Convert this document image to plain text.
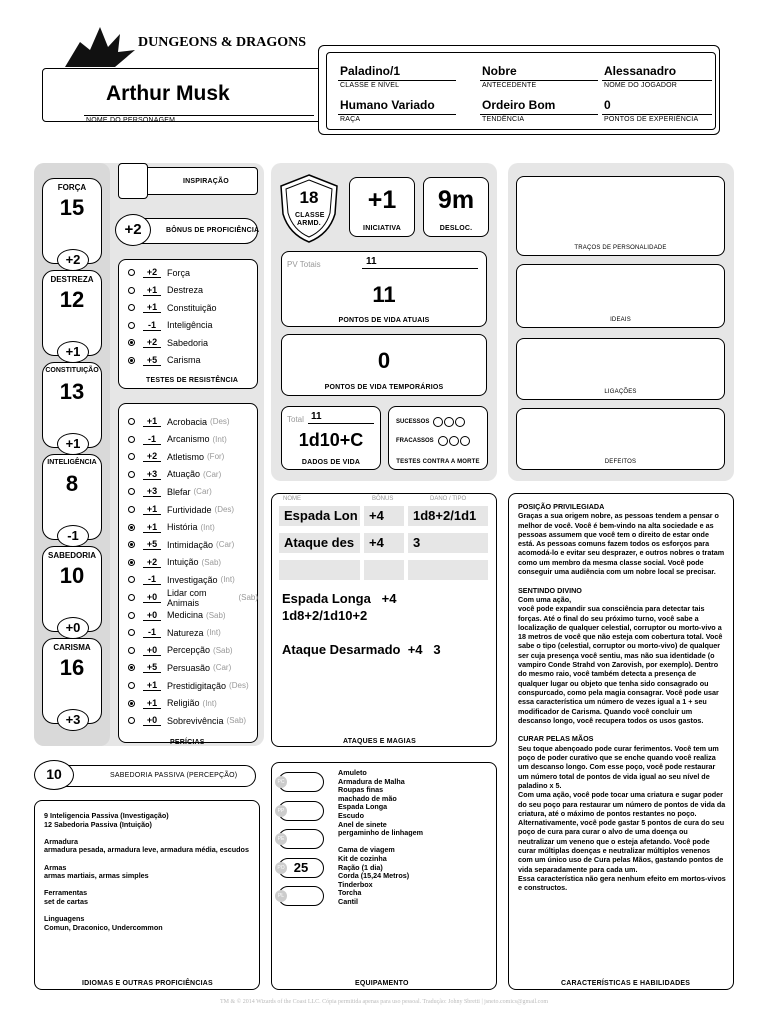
DUNGEONS & DRAGONS
Arthur Musk
NOME DO PERSONAGEM
Paladino/1
CLASSE E NÍVEL
Nobre
ANTECEDENTE
Alessanadro
NOME DO JOGADOR
Humano Variado
RAÇA
Ordeiro Bom
TENDÊNCIA
0
PONTOS DE EXPERIÊNCIA
FORÇA
15
+2
DESTREZA
12
+1
CONSTITUIÇÃO
13
+1
INTELIGÊNCIA
8
-1
SABEDORIA
10
+0
CARISMA
16
+3
INSPIRAÇÃO
+2	BÔNUS DE PROFICIÊNCIA
+2	Força
+1	Destreza
+1	Constituição
-1	Inteligência
+2	Sabedoria
+5	Carisma
TESTES DE RESISTÊNCIA
+1	Acrobacia (Des)
-1	Arcanismo (Int)
+2	Atletismo (For)
+3	Atuação (Car)
+3	Blefar (Car)
+1	Furtividade (Des)
+1	História (Int)
+5	Intimidação (Car)
+2	Intuição (Sab)
-1	Investigação (Int)
+0	Lidar com Animais	(Sab)
+0	Medicina (Sab)
-1	Natureza (Int)
+0	Percepção (Sab)
+5	Persuasão (Car)
+1	Prestidigitação (Des)
+1	Religião (Int)
+0	Sobrevivência (Sab)
PERÍCIAS
10	SABEDORIA PASSIVA (PERCEPÇÃO)
9 Inteligencia Passiva (Investigação)
12 Sabedoria Passiva (Intuição)
Armadura
armadura pesada, armadura leve, armadura média, escudos
Armas
armas martiais, armas simples
Ferramentas
set de cartas
Linguagens
Comun, Draconico, Undercommon
IDIOMAS E OUTRAS PROFICIÊNCIAS
18
CLASSE ARMD.
+1
INICIATIVA
9m
DESLOC.
PV Totais	11
11
PONTOS DE VIDA ATUAIS
0
PONTOS DE VIDA TEMPORÁRIOS
Total 11
1d10+C
DADOS DE VIDA
SUCESSOS
FRACASSOS
TESTES CONTRA A MORTE
NOME	BÔNUS	DANO / TIPO
Espada Lon +4	1d8+2/1d1
Ataque des	+4	3
Espada Longa   +4
1d8+2/1d10+2
Ataque Desarmado  +4   3
ATAQUES E MAGIAS
PC
PP
PE
PO 25
PL
Amuleto
Armadura de Malha
Roupas finas
machado de mão
Espada Longa
Escudo
Anel de sinete
pergaminho de linhagem
Cama de viagem
Kit de cozinha
Ração (1 dia)
Corda (15,24 Metros)
Tinderbox
Torcha
Cantil
EQUIPAMENTO
TRAÇOS DE PERSONALIDADE
IDEAIS
LIGAÇÕES
DEFEITOS
POSIÇÃO PRIVILEGIADA
Graças a sua origem nobre, as pessoas tendem a pensar o melhor de você. Você é bem-vindo na alta sociedade e as pessoas assumem que você tem o direito de estar onde está. As pessoas comuns fazem todos os esforços para acomodá-lo e evitar seu desprazer, e outros nobres o tratam como um membro da mesma classe social. Você pode conseguir uma audiência com um nobre local se precisar.
SENTINDO DIVINO
Com uma ação,
você pode expandir sua consciência para detectar tais forças. Até o final do seu próximo turno, você sabe a localização de qualquer celestial, corruptor ou morto-vivo a 18 metros de você que não esteja com cobertura total. Você sabe o tipo (celestial, corruptor ou morto-vivo) de qualquer ser cuja presença você sentiu, mas não sua identidade (o vampiro Conde Strahd von Zarovish, por exemplo). Dentro do mesmo raio, você também detecta a presença de qualquer lugar ou objeto que tenha sido consagrado ou conspurcado, como pela magia consagrar. Você pode usar essa característica um número de vezes igual a 1 + seu modificador de Carisma. Quando você concluir um descanso longo, você recupera todos os usos gastos.
CURAR PELAS MÃOS
Seu toque abençoado pode curar ferimentos. Você tem um poço de poder curativo que se enche quando você realiza um descanso longo. Com esse poço, você pode restaurar um número total de pontos de vida igual ao seu nível de paladino x 5.
Com uma ação, você pode tocar uma criatura e sugar poder do seu poço para restaurar um número de pontos de vida da criatura, até o máximo de pontos restantes no poço.
Alternativamente, você pode gastar 5 pontos de cura do seu poço de cura para curar o alvo de uma doença ou neutralizar um veneno que o esteja afetando. Você pode curar múltiplas doenças e neutralizar múltiplos venenos com um único uso de Cura pelas Mãos, gastando pontos de vida separadamente para cada um.
Essa característica não gera nenhum efeito em mortos-vivos e constructos.
CARACTERÍSTICAS E HABILIDADES
TM & © 2014 Wizards of the Coast LLC. Cópia permitida apenas para uso pessoal. Tradução: Johny Sbretti | jsneto.comics@gmail.com
